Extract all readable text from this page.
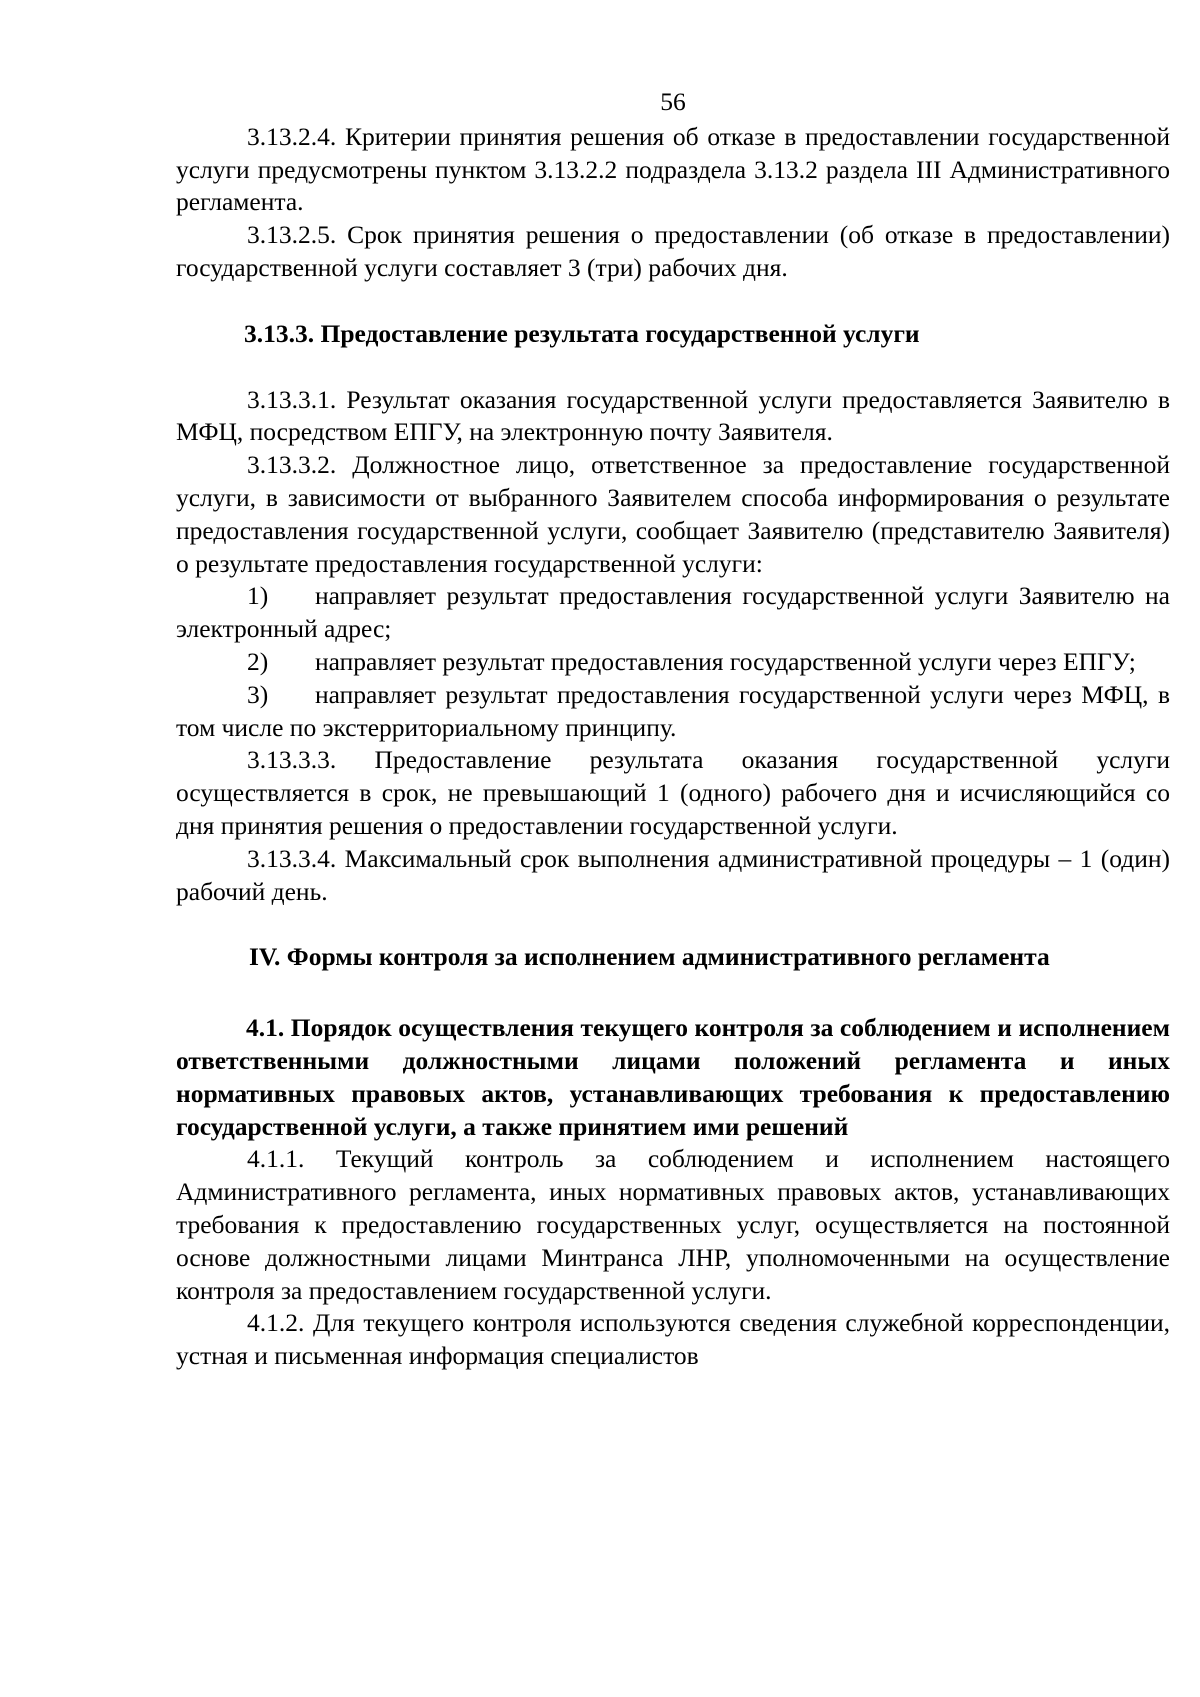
56

3.13.2.4. Критерии принятия решения об отказе в предоставлении государственной услуги предусмотрены пунктом 3.13.2.2 подраздела 3.13.2 раздела III Административного регламента.

3.13.2.5. Срок принятия решения о предоставлении (об отказе в предоставлении) государственной услуги составляет 3 (три) рабочих дня.

3.13.3. Предоставление результата государственной услуги

3.13.3.1. Результат оказания государственной услуги предоставляется Заявителю в МФЦ, посредством ЕПГУ, на электронную почту Заявителя.

3.13.3.2. Должностное лицо, ответственное за предоставление государственной услуги, в зависимости от выбранного Заявителем способа информирования о результате предоставления государственной услуги, сообщает Заявителю (представителю Заявителя) о результате предоставления государственной услуги:

1) направляет результат предоставления государственной услуги Заявителю на электронный адрес;

2) направляет результат предоставления государственной услуги через ЕПГУ;

3) направляет результат предоставления государственной услуги через МФЦ, в том числе по экстерриториальному принципу.

3.13.3.3. Предоставление результата оказания государственной услуги осуществляется в срок, не превышающий 1 (одного) рабочего дня и исчисляющийся со дня принятия решения о предоставлении государственной услуги.

3.13.3.4. Максимальный срок выполнения административной процедуры – 1 (один) рабочий день.

IV. Формы контроля за исполнением административного регламента
4.1. Порядок осуществления текущего контроля за соблюдением и исполнением ответственными должностными лицами положений регламента и иных нормативных правовых актов, устанавливающих требования к предоставлению государственной услуги, а также принятием ими решений

4.1.1. Текущий контроль за соблюдением и исполнением настоящего Административного регламента, иных нормативных правовых актов, устанавливающих требования к предоставлению государственных услуг, осуществляется на постоянной основе должностными лицами Минтранса ЛНР, уполномоченными на осуществление контроля за предоставлением государственной услуги.

4.1.2. Для текущего контроля используются сведения служебной корреспонденции, устная и письменная информация специалистов
